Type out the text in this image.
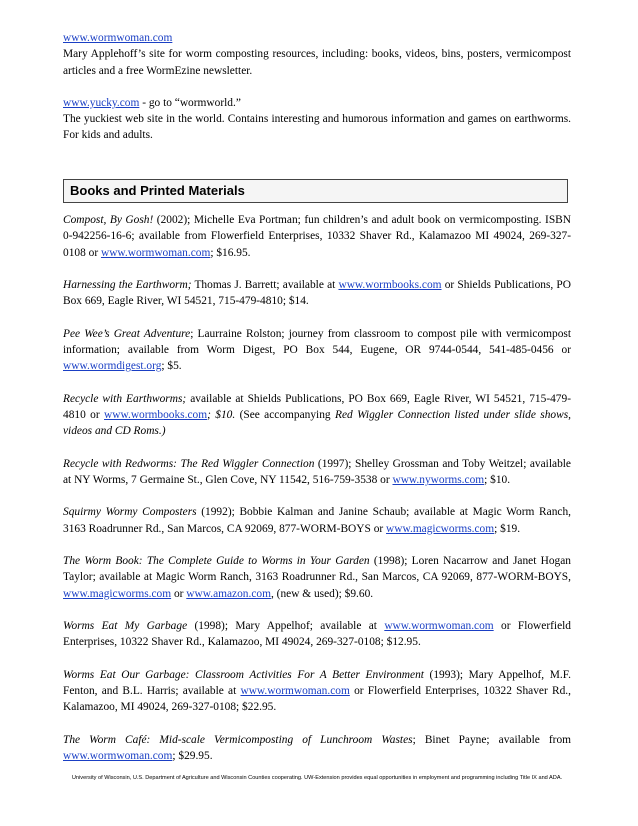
www.wormwoman.com
Mary Applehoff’s site for worm composting resources, including: books, videos, bins, posters, vermicompost articles and a free WormEzine newsletter.

www.yucky.com - go to “wormworld.”
The yuckiest web site in the world. Contains interesting and humorous information and games on earthworms. For kids and adults.

Books and Printed Materials

Compost, By Gosh! (2002); Michelle Eva Portman; fun children’s and adult book on vermicomposting. ISBN 0-942256-16-6; available from Flowerfield Enterprises, 10332 Shaver Rd., Kalamazoo MI 49024, 269-327-0108 or www.wormwoman.com; $16.95.

Harnessing the Earthworm; Thomas J. Barrett; available at www.wormbooks.com or Shields Publications, PO Box 669, Eagle River, WI 54521, 715-479-4810; $14.

Pee Wee’s Great Adventure; Laurraine Rolston; journey from classroom to compost pile with vermicompost information; available from Worm Digest, PO Box 544, Eugene, OR 9744-0544, 541-485-0456 or www.wormdigest.org; $5.

Recycle with Earthworms; available at Shields Publications, PO Box 669, Eagle River, WI 54521, 715-479-4810 or www.wormbooks.com; $10. (See accompanying Red Wiggler Connection listed under slide shows, videos and CD Roms.)

Recycle with Redworms: The Red Wiggler Connection (1997); Shelley Grossman and Toby Weitzel; available at NY Worms, 7 Germaine St., Glen Cove, NY 11542, 516-759-3538 or www.nyworms.com; $10.

Squirmy Wormy Composters (1992); Bobbie Kalman and Janine Schaub; available at Magic Worm Ranch, 3163 Roadrunner Rd., San Marcos, CA 92069, 877-WORM-BOYS or www.magicworms.com; $19.

The Worm Book: The Complete Guide to Worms in Your Garden (1998); Loren Nacarrow and Janet Hogan Taylor; available at Magic Worm Ranch, 3163 Roadrunner Rd., San Marcos, CA 92069, 877-WORM-BOYS, www.magicworms.com or www.amazon.com, (new & used); $9.60.

Worms Eat My Garbage (1998); Mary Appelhof; available at www.wormwoman.com or Flowerfield Enterprises, 10322 Shaver Rd., Kalamazoo, MI 49024, 269-327-0108; $12.95.

Worms Eat Our Garbage: Classroom Activities For A Better Environment (1993); Mary Appelhof, M.F. Fenton, and B.L. Harris; available at www.wormwoman.com or Flowerfield Enterprises, 10322 Shaver Rd., Kalamazoo, MI 49024, 269-327-0108; $22.95.

The Worm Café: Mid-scale Vermicomposting of Lunchroom Wastes; Binet Payne; available from www.wormwoman.com; $29.95.

University of Wisconsin, U.S. Department of Agriculture and Wisconsin Counties cooperating. UW-Extension provides equal opportunities in employment and programming including Title IX and ADA.
